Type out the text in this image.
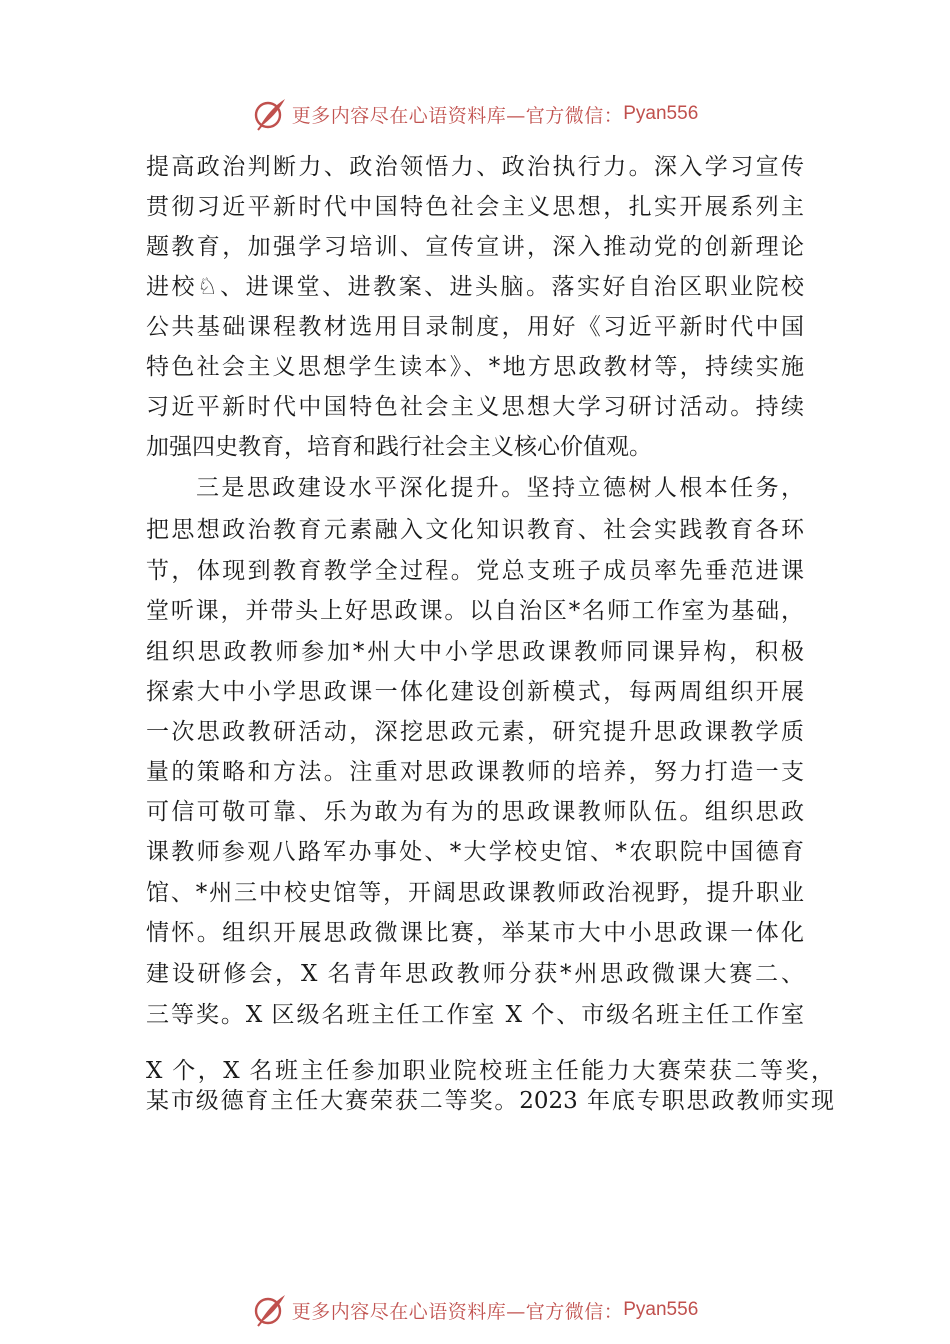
更多内容尽在心语资料库—官方微信： Pyan556
提高政治判断力、政治领悟力、政治执行力。深入学习宣传
贯彻习近平新时代中国特色社会主义思想，扎实开展系列主
题教育，加强学习培训、宣传宣讲，深入推动党的创新理论
进校♘、进课堂、进教案、进头脑。落实好自治区职业院校
公共基础课程教材选用目录制度，用好《习近平新时代中国
特色社会主义思想学生读本》、*地方思政教材等，持续实施
习近平新时代中国特色社会主义思想大学习研讨活动。持续
加强四史教育，培育和践行社会主义核心价值观。
三是思政建设水平深化提升。坚持立德树人根本任务，
把思想政治教育元素融入文化知识教育、社会实践教育各环
节，体现到教育教学全过程。党总支班子成员率先垂范进课
堂听课，并带头上好思政课。以自治区*名师工作室为基础，
组织思政教师参加*州大中小学思政课教师同课异构，积极
探索大中小学思政课一体化建设创新模式，每两周组织开展
一次思政教研活动，深挖思政元素，研究提升思政课教学质
量的策略和方法。注重对思政课教师的培养，努力打造一支
可信可敬可靠、乐为敢为有为的思政课教师队伍。组织思政
课教师参观八路军办事处、*大学校史馆、*农职院中国德育
馆、*州三中校史馆等，开阔思政课教师政治视野，提升职业
情怀。组织开展思政微课比赛，举某市大中小思政课一体化
建设研修会，X 名青年思政教师分获*州思政微课大赛二、
三等奖。X 区级名班主任工作室 X 个、市级名班主任工作室
X 个，X 名班主任参加职业院校班主任能力大赛荣获二等奖，
某市级德育主任大赛荣获二等奖。2023 年底专职思政教师实现
更多内容尽在心语资料库—官方微信： Pyan556
